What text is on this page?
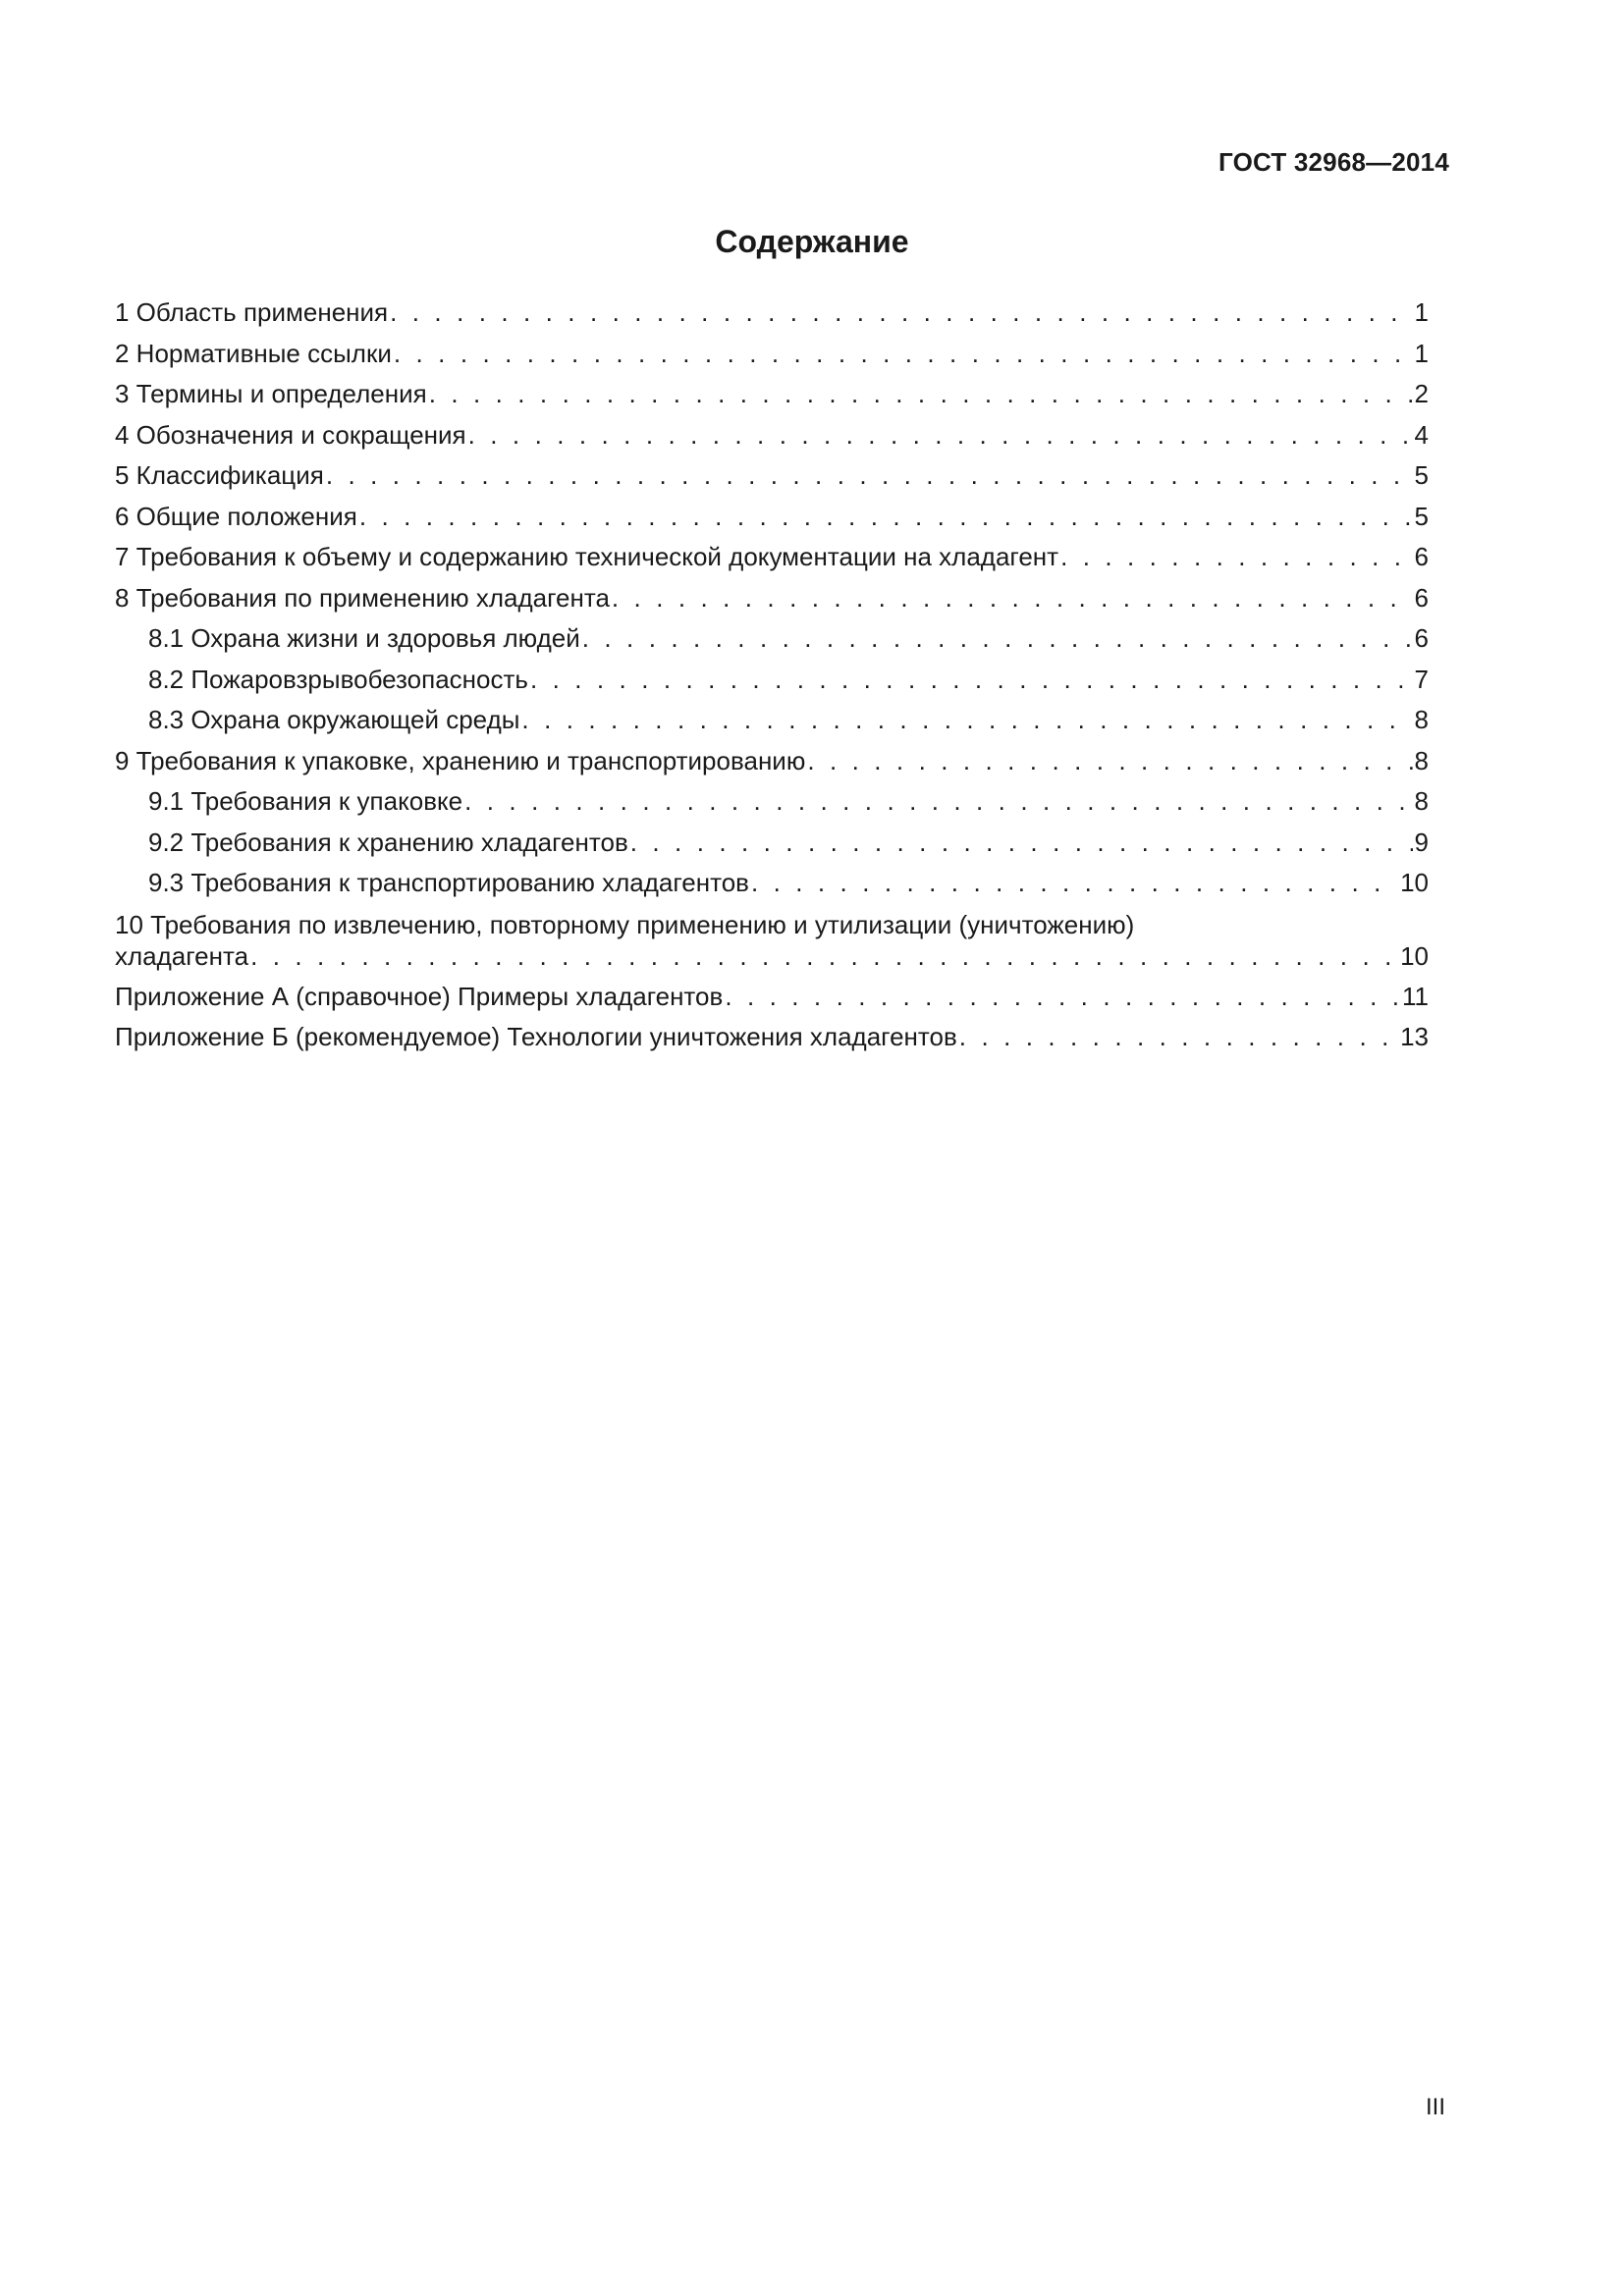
ГОСТ 32968—2014
Содержание
1 Область применения . . .	1
2 Нормативные ссылки . . .	1
3 Термины и определения . . .	2
4 Обозначения и сокращения . . .	4
5 Классификация . . .	5
6 Общие положения . . .	5
7 Требования к объему и содержанию технической документации на хладагент . . .	6
8 Требования по применению хладагента . . .	6
8.1 Охрана жизни и здоровья людей . . .	6
8.2 Пожаровзрывобезопасность . . .	7
8.3 Охрана окружающей среды . . .	8
9 Требования к упаковке, хранению и транспортированию . . .	8
9.1 Требования к упаковке . . .	8
9.2 Требования к хранению хладагентов . . .	9
9.3 Требования к транспортированию хладагентов . . .	10
10 Требования по извлечению, повторному применению и утилизации (уничтожению)
хладагента . . .	10
Приложение А (справочное) Примеры хладагентов . . .	11
Приложение Б (рекомендуемое) Технологии уничтожения хладагентов . . .	13
III
